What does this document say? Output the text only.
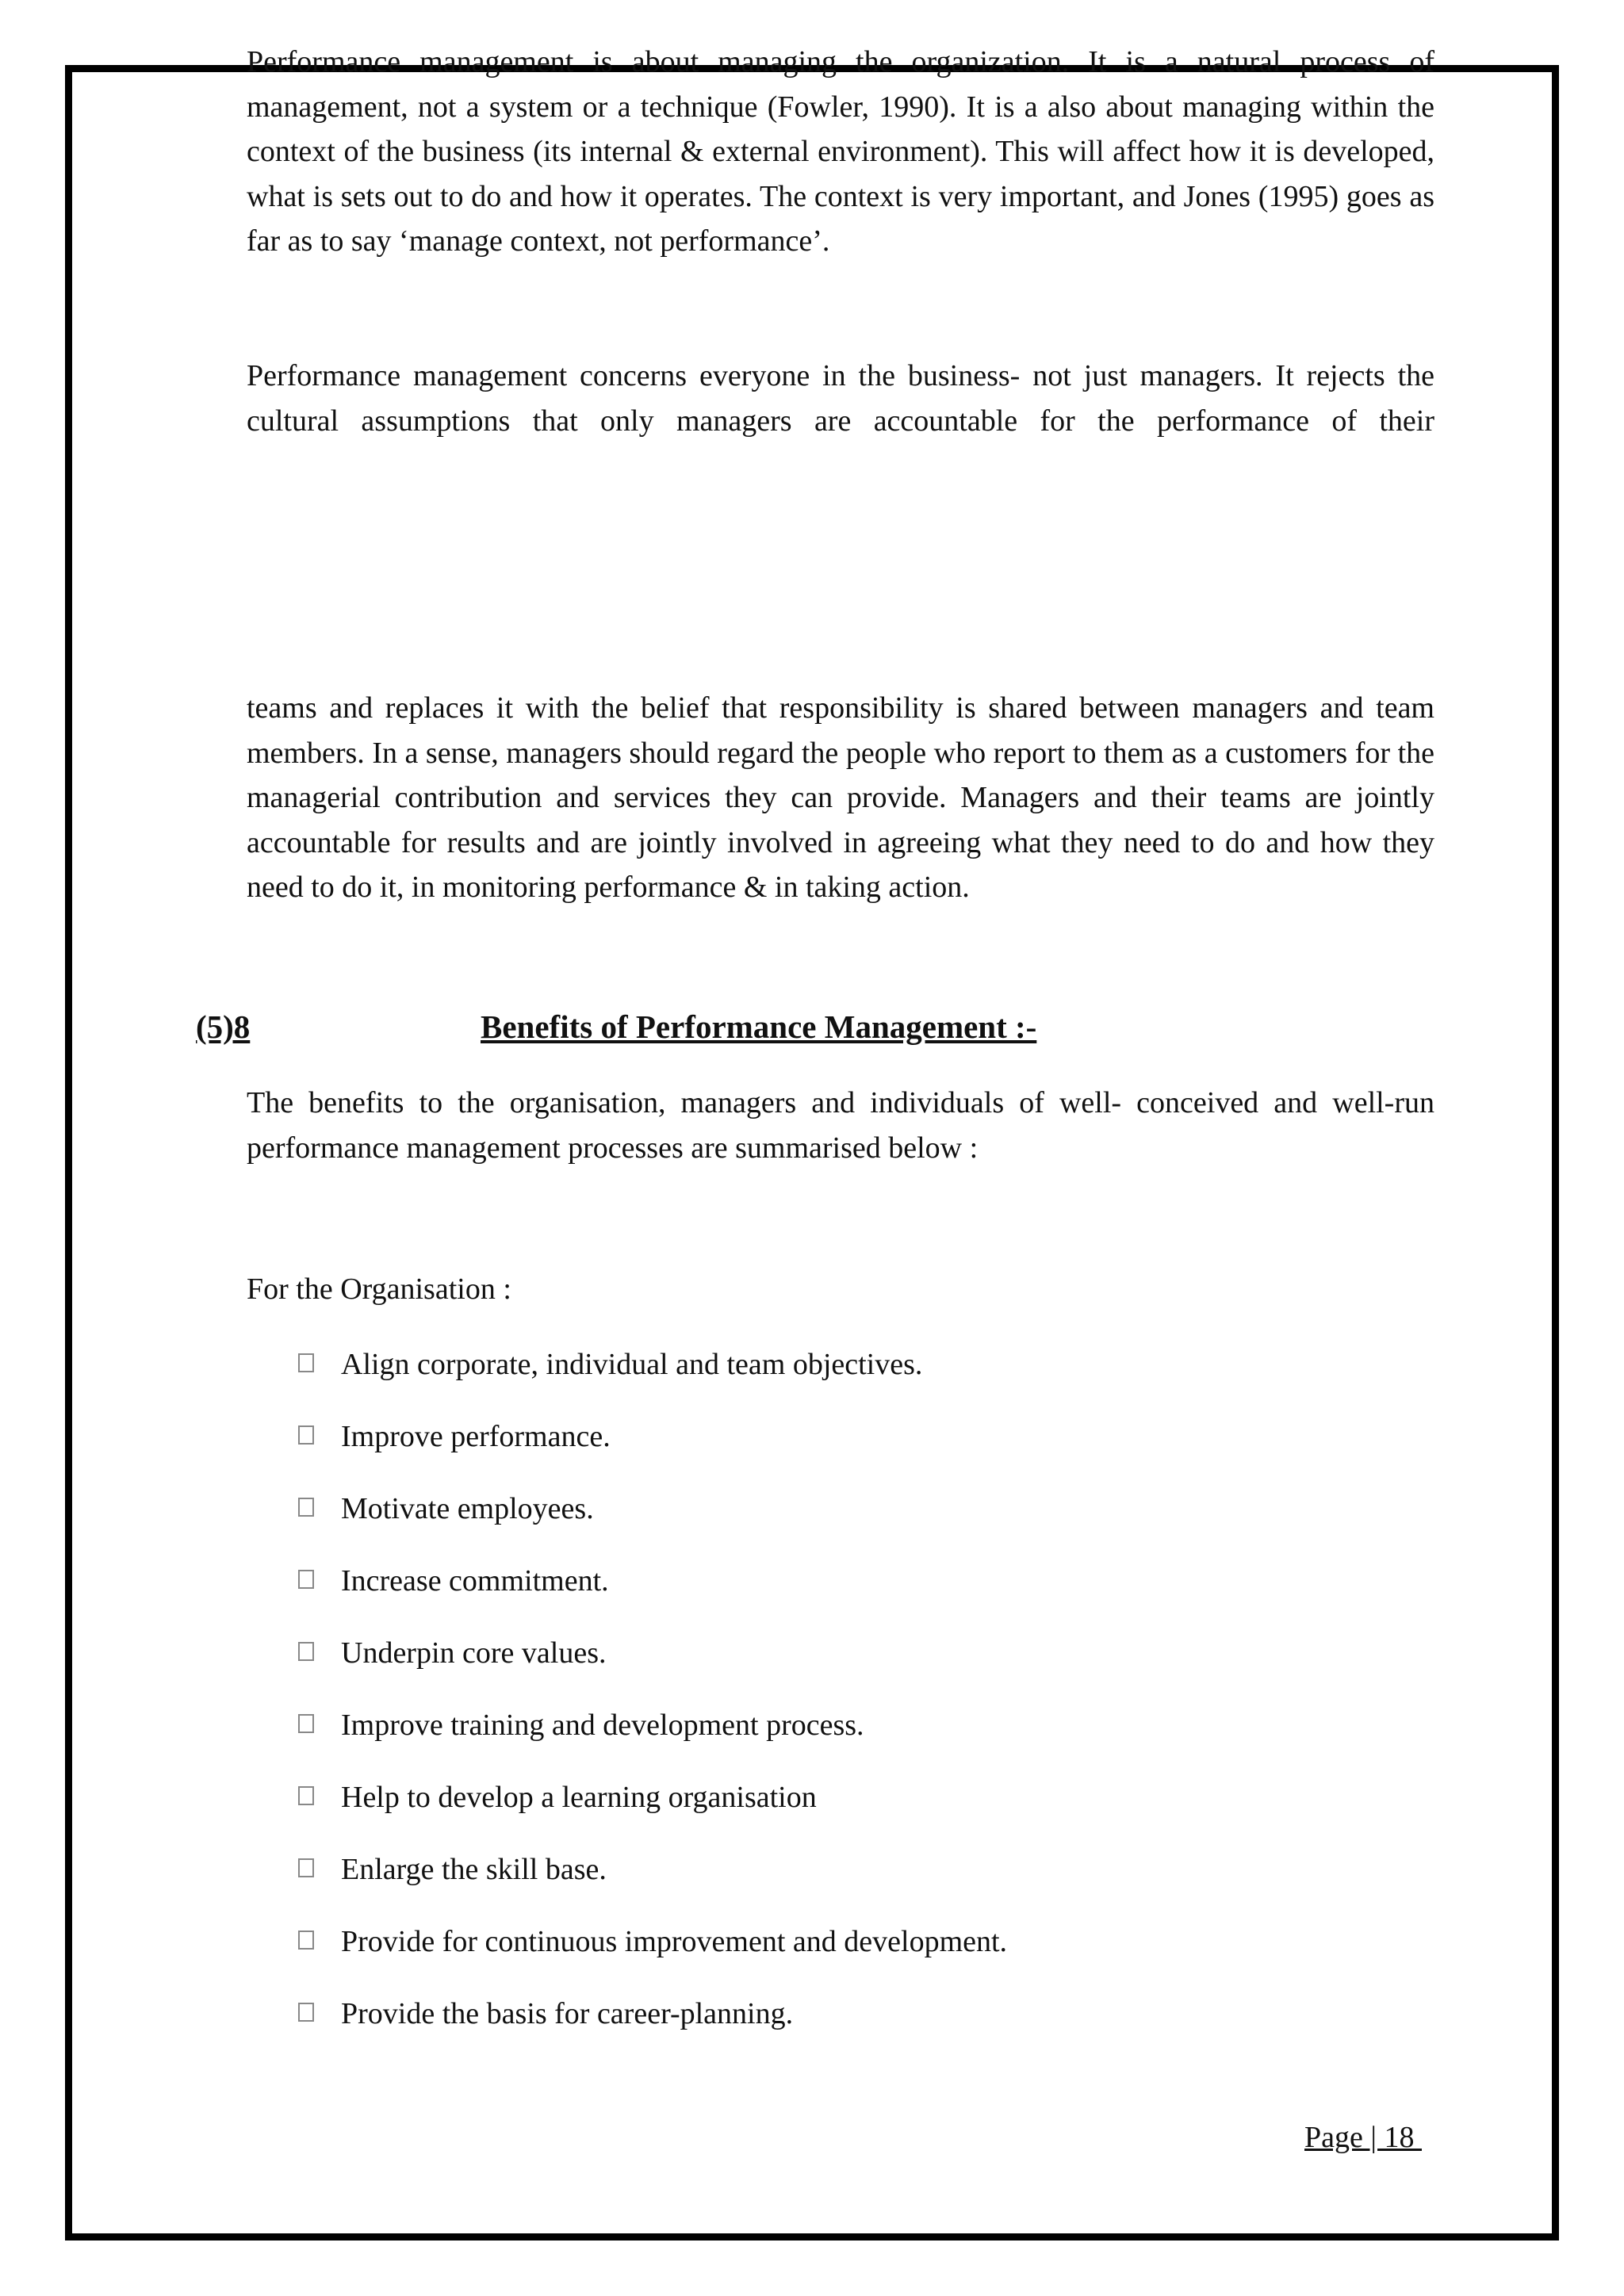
Performance management is about managing the organization. It is a natural process of management, not a system or a technique (Fowler, 1990). It is a also about managing within the context of the business (its internal & external environment). This will affect how it is developed, what is sets out to do and how it operates. The context is very important, and Jones (1995) goes as far as to say ‘manage context, not performance’.

Performance management concerns everyone in the business- not just managers. It rejects the cultural assumptions that only managers are accountable for the performance of their

teams and replaces it with the belief that responsibility is shared between managers and team members. In a sense, managers should regard the people who report to them as a customers for the managerial contribution and services they can provide. Managers and their teams are jointly accountable for results and are jointly involved in agreeing what they need to do and how they need to do it, in monitoring performance & in taking action.

(5)8	Benefits of Performance Management :-

The benefits to the organisation, managers and individuals of well- conceived and well-run performance management processes are summarised below :

For the Organisation :
Align corporate, individual and team objectives.
Improve performance.
Motivate employees.
Increase commitment.
Underpin core values.
Improve training and development process.
Help to develop a learning organisation
Enlarge the skill base.
Provide for continuous improvement and development.
Provide the basis for career-planning.
Page | 18
